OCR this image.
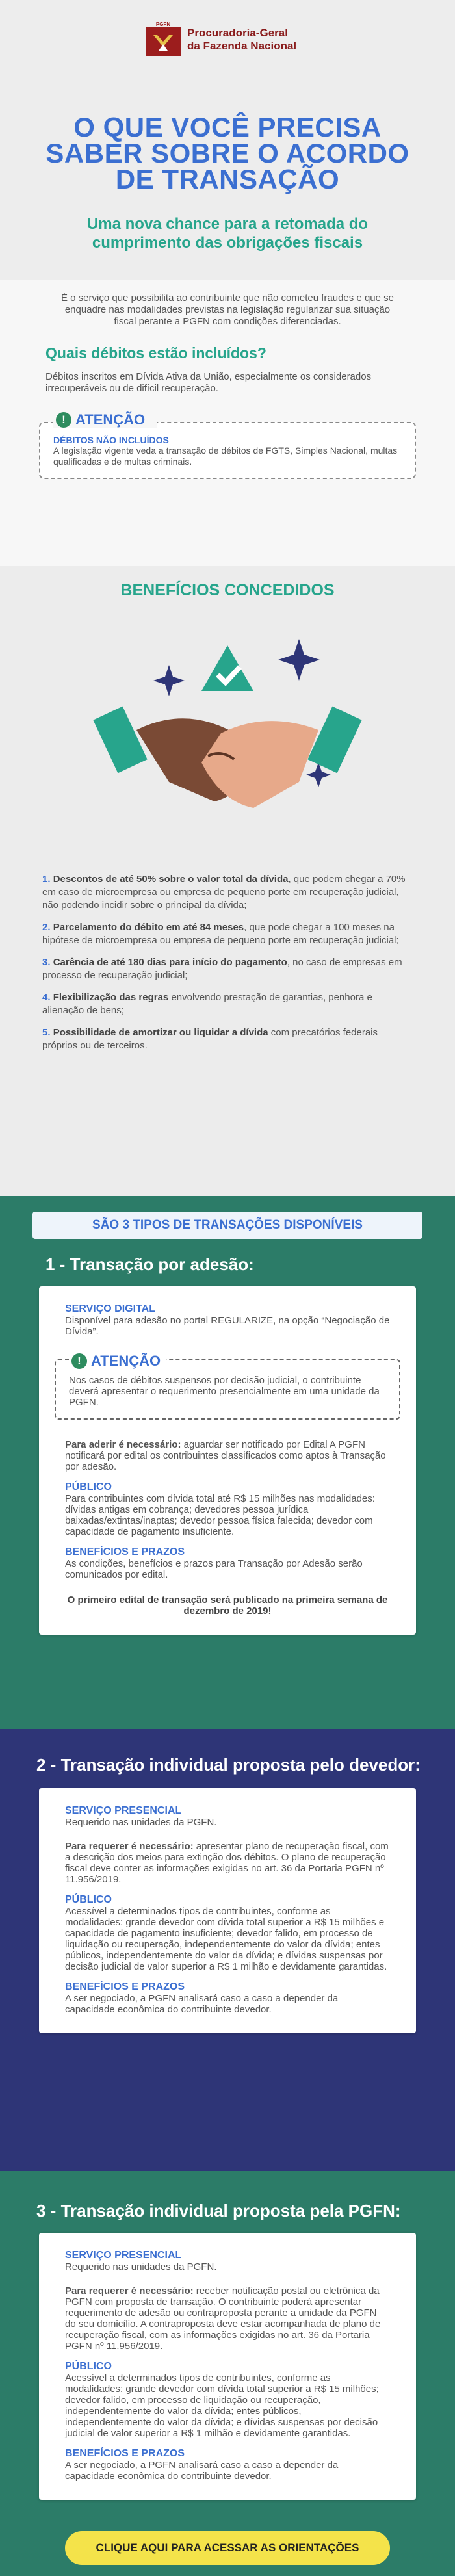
PGFN
Procuradoria-Geral
da Fazenda Nacional
O QUE VOCÊ PRECISA
SABER SOBRE O ACORDO
DE TRANSAÇÃO
Uma nova chance para a retomada do
cumprimento das obrigações fiscais

É o serviço que possibilita ao contribuinte que não cometeu fraudes e que se enquadre nas modalidades previstas na legislação regularizar sua situação fiscal perante a PGFN com condições diferenciadas.

Quais débitos estão incluídos?

Débitos inscritos em Dívida Ativa da União, especialmente os considerados irrecuperáveis ou de difícil recuperação.

! ATENÇÃO
DÉBITOS NÃO INCLUÍDOS
A legislação vigente veda a transação de débitos de FGTS, Simples Nacional, multas qualificadas e de multas criminais.
BENEFÍCIOS CONCEDIDOS
1. Descontos de até 50% sobre o valor total da dívida, que podem chegar a 70% em caso de microempresa ou empresa de pequeno porte em recuperação judicial, não podendo incidir sobre o principal da dívida;
2. Parcelamento do débito em até 84 meses, que pode chegar a 100 meses na hipótese de microempresa ou empresa de pequeno porte em recuperação judicial;
3. Carência de até 180 dias para início do pagamento, no caso de empresas em processo de recuperação judicial;
4. Flexibilização das regras envolvendo prestação de garantias, penhora e alienação de bens;
5. Possibilidade de amortizar ou liquidar a dívida com precatórios federais próprios ou de terceiros.
SÃO 3 TIPOS DE TRANSAÇÕES DISPONÍVEIS
1 - Transação por adesão:
SERVIÇO DIGITAL
Disponível para adesão no portal REGULARIZE, na opção “Negociação de Dívida”.
! ATENÇÃO
Nos casos de débitos suspensos por decisão judicial, o contribuinte deverá apresentar o requerimento presencialmente em uma unidade da PGFN.
Para aderir é necessário: aguardar ser notificado por Edital A PGFN notificará por edital os contribuintes classificados como aptos à Transação por adesão.
PÚBLICO
Para contribuintes com dívida total até R$ 15 milhões nas modalidades: dívidas antigas em cobrança; devedores pessoa jurídica baixadas/extintas/inaptas; devedor pessoa física falecida; devedor com capacidade de pagamento insuficiente.
BENEFÍCIOS E PRAZOS
As condições, benefícios e prazos para Transação por Adesão serão comunicados por edital.
O primeiro edital de transação será publicado na primeira semana de dezembro de 2019!
2 - Transação individual proposta pelo devedor:
SERVIÇO PRESENCIAL
Requerido nas unidades da PGFN.
Para requerer é necessário: apresentar plano de recuperação fiscal, com a descrição dos meios para extinção dos débitos. O plano de recuperação fiscal deve conter as informações exigidas no art. 36 da Portaria PGFN nº 11.956/2019.
PÚBLICO
Acessível a determinados tipos de contribuintes, conforme as modalidades: grande devedor com dívida total superior a R$ 15 milhões e capacidade de pagamento insuficiente; devedor falido, em processo de liquidação ou recuperação, independentemente do valor da dívida; entes públicos, independentemente do valor da dívida; e dívidas suspensas por decisão judicial de valor superior a R$ 1 milhão e devidamente garantidas.
BENEFÍCIOS E PRAZOS
A ser negociado, a PGFN analisará caso a caso a depender da capacidade econômica do contribuinte devedor.
3 - Transação individual proposta pela PGFN:
SERVIÇO PRESENCIAL
Requerido nas unidades da PGFN.
Para requerer é necessário: receber notificação postal ou eletrônica da PGFN com proposta de transação. O contribuinte poderá apresentar requerimento de adesão ou contraproposta perante a unidade da PGFN do seu domicílio. A contraproposta deve estar acompanhada de plano de recuperação fiscal, com as informações exigidas no art. 36 da Portaria PGFN nº 11.956/2019.
PÚBLICO
Acessível a determinados tipos de contribuintes, conforme as modalidades: grande devedor com dívida total superior a R$ 15 milhões; devedor falido, em processo de liquidação ou recuperação, independentemente do valor da dívida; entes públicos, independentemente do valor da dívida; e dívidas suspensas por decisão judicial de valor superior a R$ 1 milhão e devidamente garantidas.
BENEFÍCIOS E PRAZOS
A ser negociado, a PGFN analisará caso a caso a depender da capacidade econômica do contribuinte devedor.
CLIQUE AQUI PARA ACESSAR AS ORIENTAÇÕES
